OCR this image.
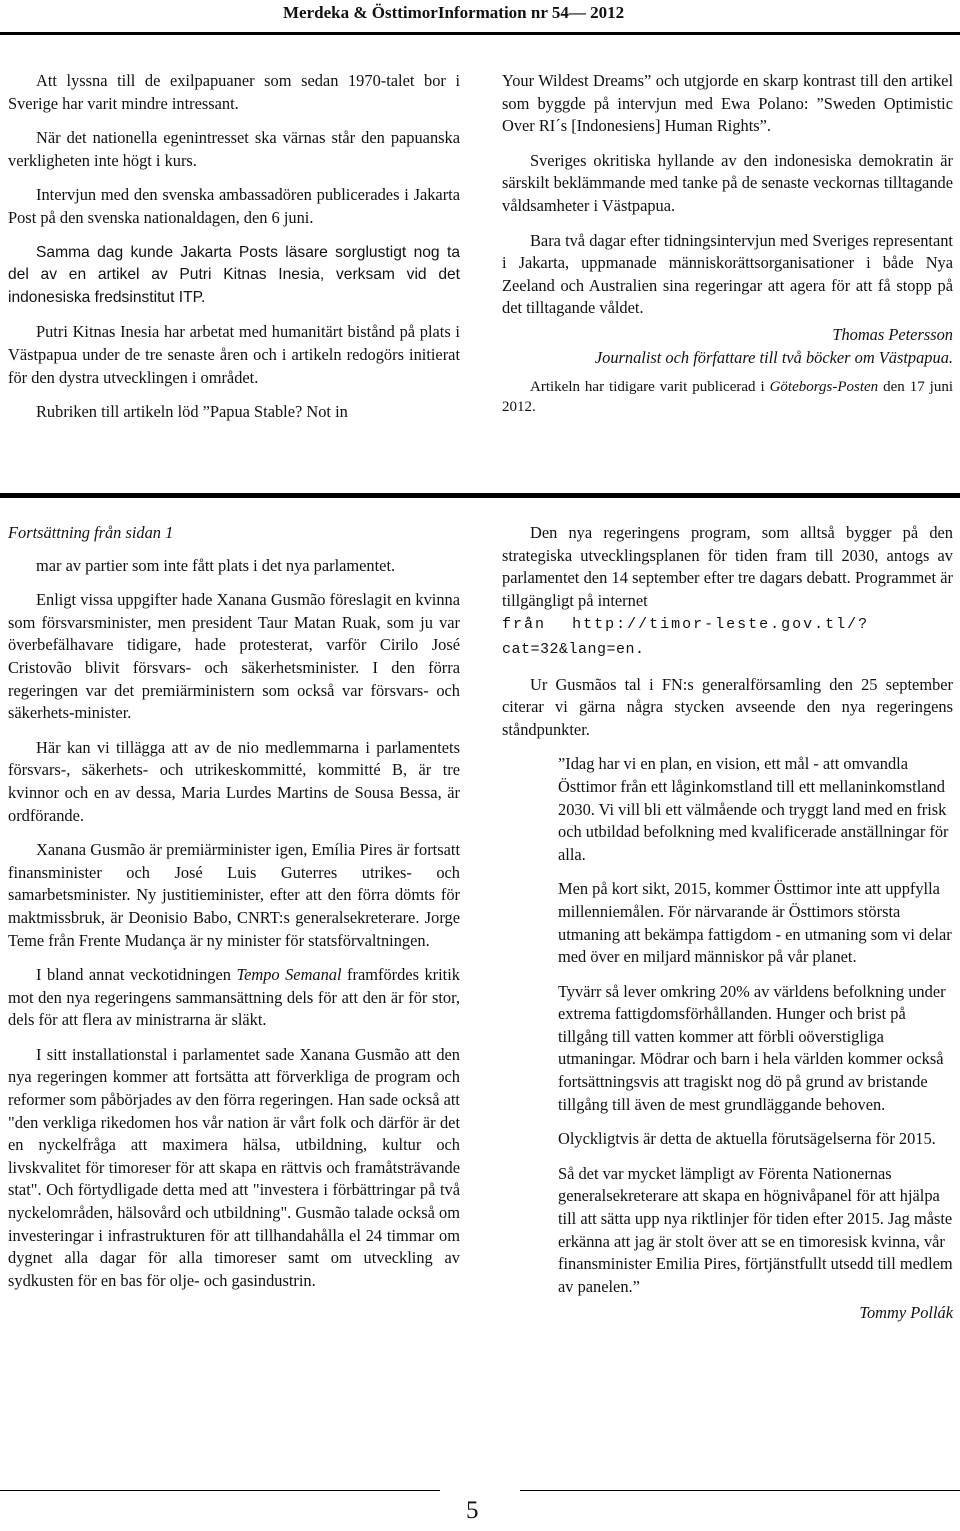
Merdeka & ÖsttimorInformation nr 54— 2012

Att lyssna till de exilpapuaner som sedan 1970-talet bor i Sverige har varit mindre intressant.

När det nationella egenintresset ska värnas står den papuanska verkligheten inte högt i kurs.

Intervjun med den svenska ambassadören publicerades i Jakarta Post på den svenska nationaldagen, den 6 juni.

Samma dag kunde Jakarta Posts läsare sorglustigt nog ta del av en artikel av Putri Kitnas Inesia, verksam vid det indonesiska fredsinstitut ITP.

Putri Kitnas Inesia har arbetat med humanitärt bistånd på plats i Västpapua under de tre senaste åren och i artikeln redogörs initierat för den dystra utvecklingen i området.

Rubriken till artikeln löd ”Papua Stable? Not in

Your Wildest Dreams” och utgjorde en skarp kontrast till den artikel som byggde på intervjun med Ewa Polano: ”Sweden Optimistic Over RI´s [Indonesiens] Human Rights”.

Sveriges okritiska hyllande av den indonesiska demokratin är särskilt beklämmande med tanke på de senaste veckornas tilltagande våldsamheter i Västpapua.

Bara två dagar efter tidningsintervjun med Sveriges representant i Jakarta, uppmanade människorättsorganisationer i både Nya Zeeland och Australien sina regeringar att agera för att få stopp på det tilltagande våldet.

Thomas Petersson
Journalist och författare till två böcker om Västpapua.

Artikeln har tidigare varit publicerad i Göteborgs-Posten den 17 juni 2012.

Fortsättning från sidan 1

mar av partier som inte fått plats i det nya parlamentet.

Enligt vissa uppgifter hade Xanana Gusmão föreslagit en kvinna som försvarsminister, men president Taur Matan Ruak, som ju var överbefälhavare tidigare, hade protesterat, varför Cirilo José Cristovão blivit försvars- och säkerhetsminister. I den förra regeringen var det premiärministern som också var försvars- och säkerhets-minister.

Här kan vi tillägga att av de nio medlemmarna i parlamentets försvars-, säkerhets- och utrikeskommitté, kommitté B, är tre kvinnor och en av dessa, Maria Lurdes Martins de Sousa Bessa, är ordförande.

Xanana Gusmão är premiärminister igen, Emília Pires är fortsatt finansminister och José Luis Guterres utrikes- och samarbetsminister. Ny justitieminister, efter att den förra dömts för maktmissbruk, är Deonisio Babo, CNRT:s generalsekreterare. Jorge Teme från Frente Mudança är ny minister för statsförvaltningen.

I bland annat veckotidningen Tempo Semanal framfördes kritik mot den nya regeringens sammansättning dels för att den är för stor, dels för att flera av ministrarna är släkt.

I sitt installationstal i parlamentet sade Xanana Gusmão att den nya regeringen kommer att fortsätta att förverkliga de program och reformer som påbörjades av den förra regeringen. Han sade också att "den verkliga rikedomen hos vår nation är vårt folk och därför är det en nyckelfråga att maximera hälsa, utbildning, kultur och livskvalitet för timoreser för att skapa en rättvis och framåtsträvande stat". Och förtydligade detta med att "investera i förbättringar på två nyckelområden, hälsovård och utbildning". Gusmão talade också om investeringar i infrastrukturen för att tillhandahålla el 24 timmar om dygnet alla dagar för alla timoreser samt om utveckling av sydkusten för en bas för olje- och gasindustrin.

Den nya regeringens program, som alltså bygger på den strategiska utvecklingsplanen för tiden fram till 2030, antogs av parlamentet den 14 september efter tre dagars debatt. Programmet är tillgängligt på internet

från http://timor-leste.gov.tl/?
cat=32&lang=en.

Ur Gusmãos tal i FN:s generalförsamling den 25 september citerar vi gärna några stycken avseende den nya regeringens ståndpunkter.

”Idag har vi en plan, en vision, ett mål - att omvandla Östtimor från ett låginkomstland till ett mellaninkomstland 2030. Vi vill bli ett välmående och tryggt land med en frisk och utbildad befolkning med kvalificerade anställningar för alla.

Men på kort sikt, 2015, kommer Östtimor inte att uppfylla millenniemålen. För närvarande är Östtimors största utmaning att bekämpa fattigdom - en utmaning som vi delar med över en miljard människor på vår planet.

Tyvärr så lever omkring 20% av världens befolkning under extrema fattigdomsförhållanden. Hunger och brist på tillgång till vatten kommer att förbli oöverstigliga utmaningar. Mödrar och barn i hela världen kommer också fortsättningsvis att tragiskt nog dö på grund av bristande tillgång till även de mest grundläggande behoven.

Olyckligtvis är detta de aktuella förutsägelserna för 2015.

Så det var mycket lämpligt av Förenta Nationernas generalsekreterare att skapa en högnivåpanel för att hjälpa till att sätta upp nya riktlinjer för tiden efter 2015. Jag måste erkänna att jag är stolt över att se en timoresisk kvinna, vår finansminister Emilia Pires, förtjänstfullt utsedd till medlem av panelen.”

Tommy Pollák
5
